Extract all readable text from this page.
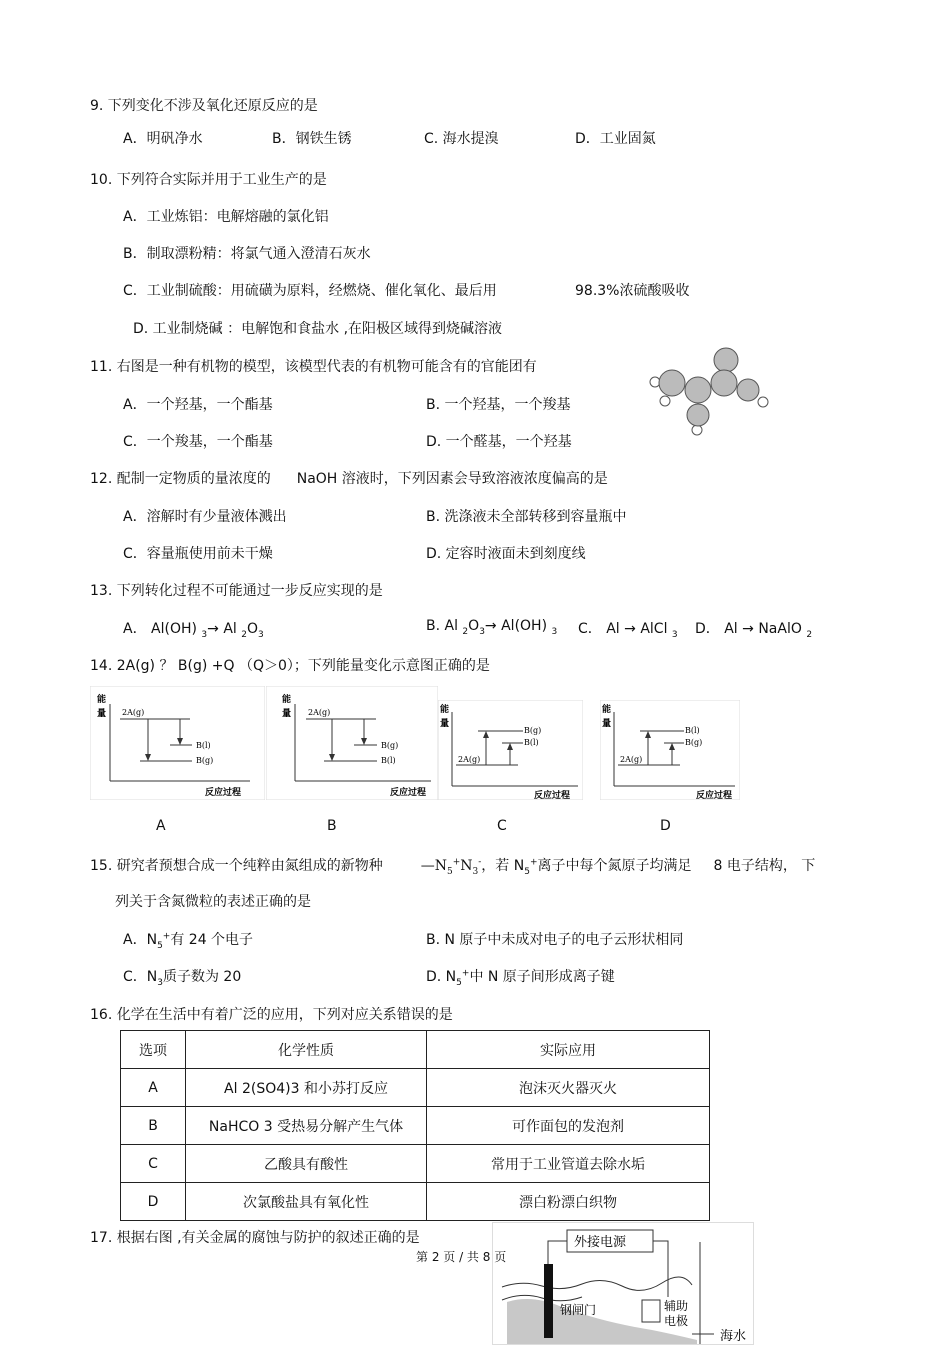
9. 下列变化不涉及氧化还原反应的是
A．明矾净水	B．钢铁生锈	C. 海水提溴	D．工业固氮
10. 下列符合实际并用于工业生产的是
A．工业炼铝：电解熔融的氯化铝
B．制取漂粉精：将氯气通入澄清石灰水
C．工业制硫酸：用硫磺为原料，经燃烧、催化氧化、最后用	98.3%浓硫酸吸收
D. 工业制烧碱 ：电解饱和食盐水 ,在阳极区域得到烧碱溶液
11. 右图是一种有机物的模型，该模型代表的有机物可能含有的官能团有
A．一个羟基，一个酯基	B. 一个羟基，一个羧基
C．一个羧基，一个酯基	D. 一个醛基，一个羟基
12. 配制一定物质的量浓度的 NaOH 溶液时，下列因素会导致溶液浓度偏高的是
A．溶解时有少量液体溅出	B. 洗涤液未全部转移到容量瓶中
C．容量瓶使用前未干燥	D. 定容时液面未到刻度线
13. 下列转化过程不可能通过一步反应实现的是
A． Al(OH) $_3$→ Al $_2O_3$
B. Al $_2O_3\to Al(OH)$ $_3$ C． Al → AlCl $_3$ D． Al → NaAlO $_2$
14. 2A(g) ？ B(g) +Q （Q＞0）；下列能量变化示意图正确的是
能
量
反应过程
2A(g)
B(l)
B(g)
能
量
反应过程
2A(g)
B(g)
B(l)
能
量
反应过程
2A(g)
B(g)
B(l)
能
量
反应过程
2A(g)
B(l)
B(g)
A	B	C	D
15. 研究者预想合成一个纯粹由氮组成的新物种	$—N_5^+N_3^-$，若 $N_5^+$离子中每个氮原子均满足 8 电子结构， 下
列关于含氮微粒的表述正确的是
A．$N_5^+$有 24 个电子	B. N 原子中未成对电子的电子云形状相同
C．$N_3$质子数为 20	D. $N_5^+$中 N 原子间形成离子键
16. 化学在生活中有着广泛的应用，下列对应关系错误的是
选项	化学性质	实际应用
A	Al 2(SO4)3 和小苏打反应	泡沫灭火器灭火
B	NaHCO 3 受热易分解产生气体	可作面包的发泡剂
C	乙酸具有酸性	常用于工业管道去除水垢
D	次氯酸盐具有氧化性	漂白粉漂白织物
17. 根据右图 ,有关金属的腐蚀与防护的叙述正确的是	外接电源
钢闸门	辅助
电极
海水
第 2 页 / 共 8 页
